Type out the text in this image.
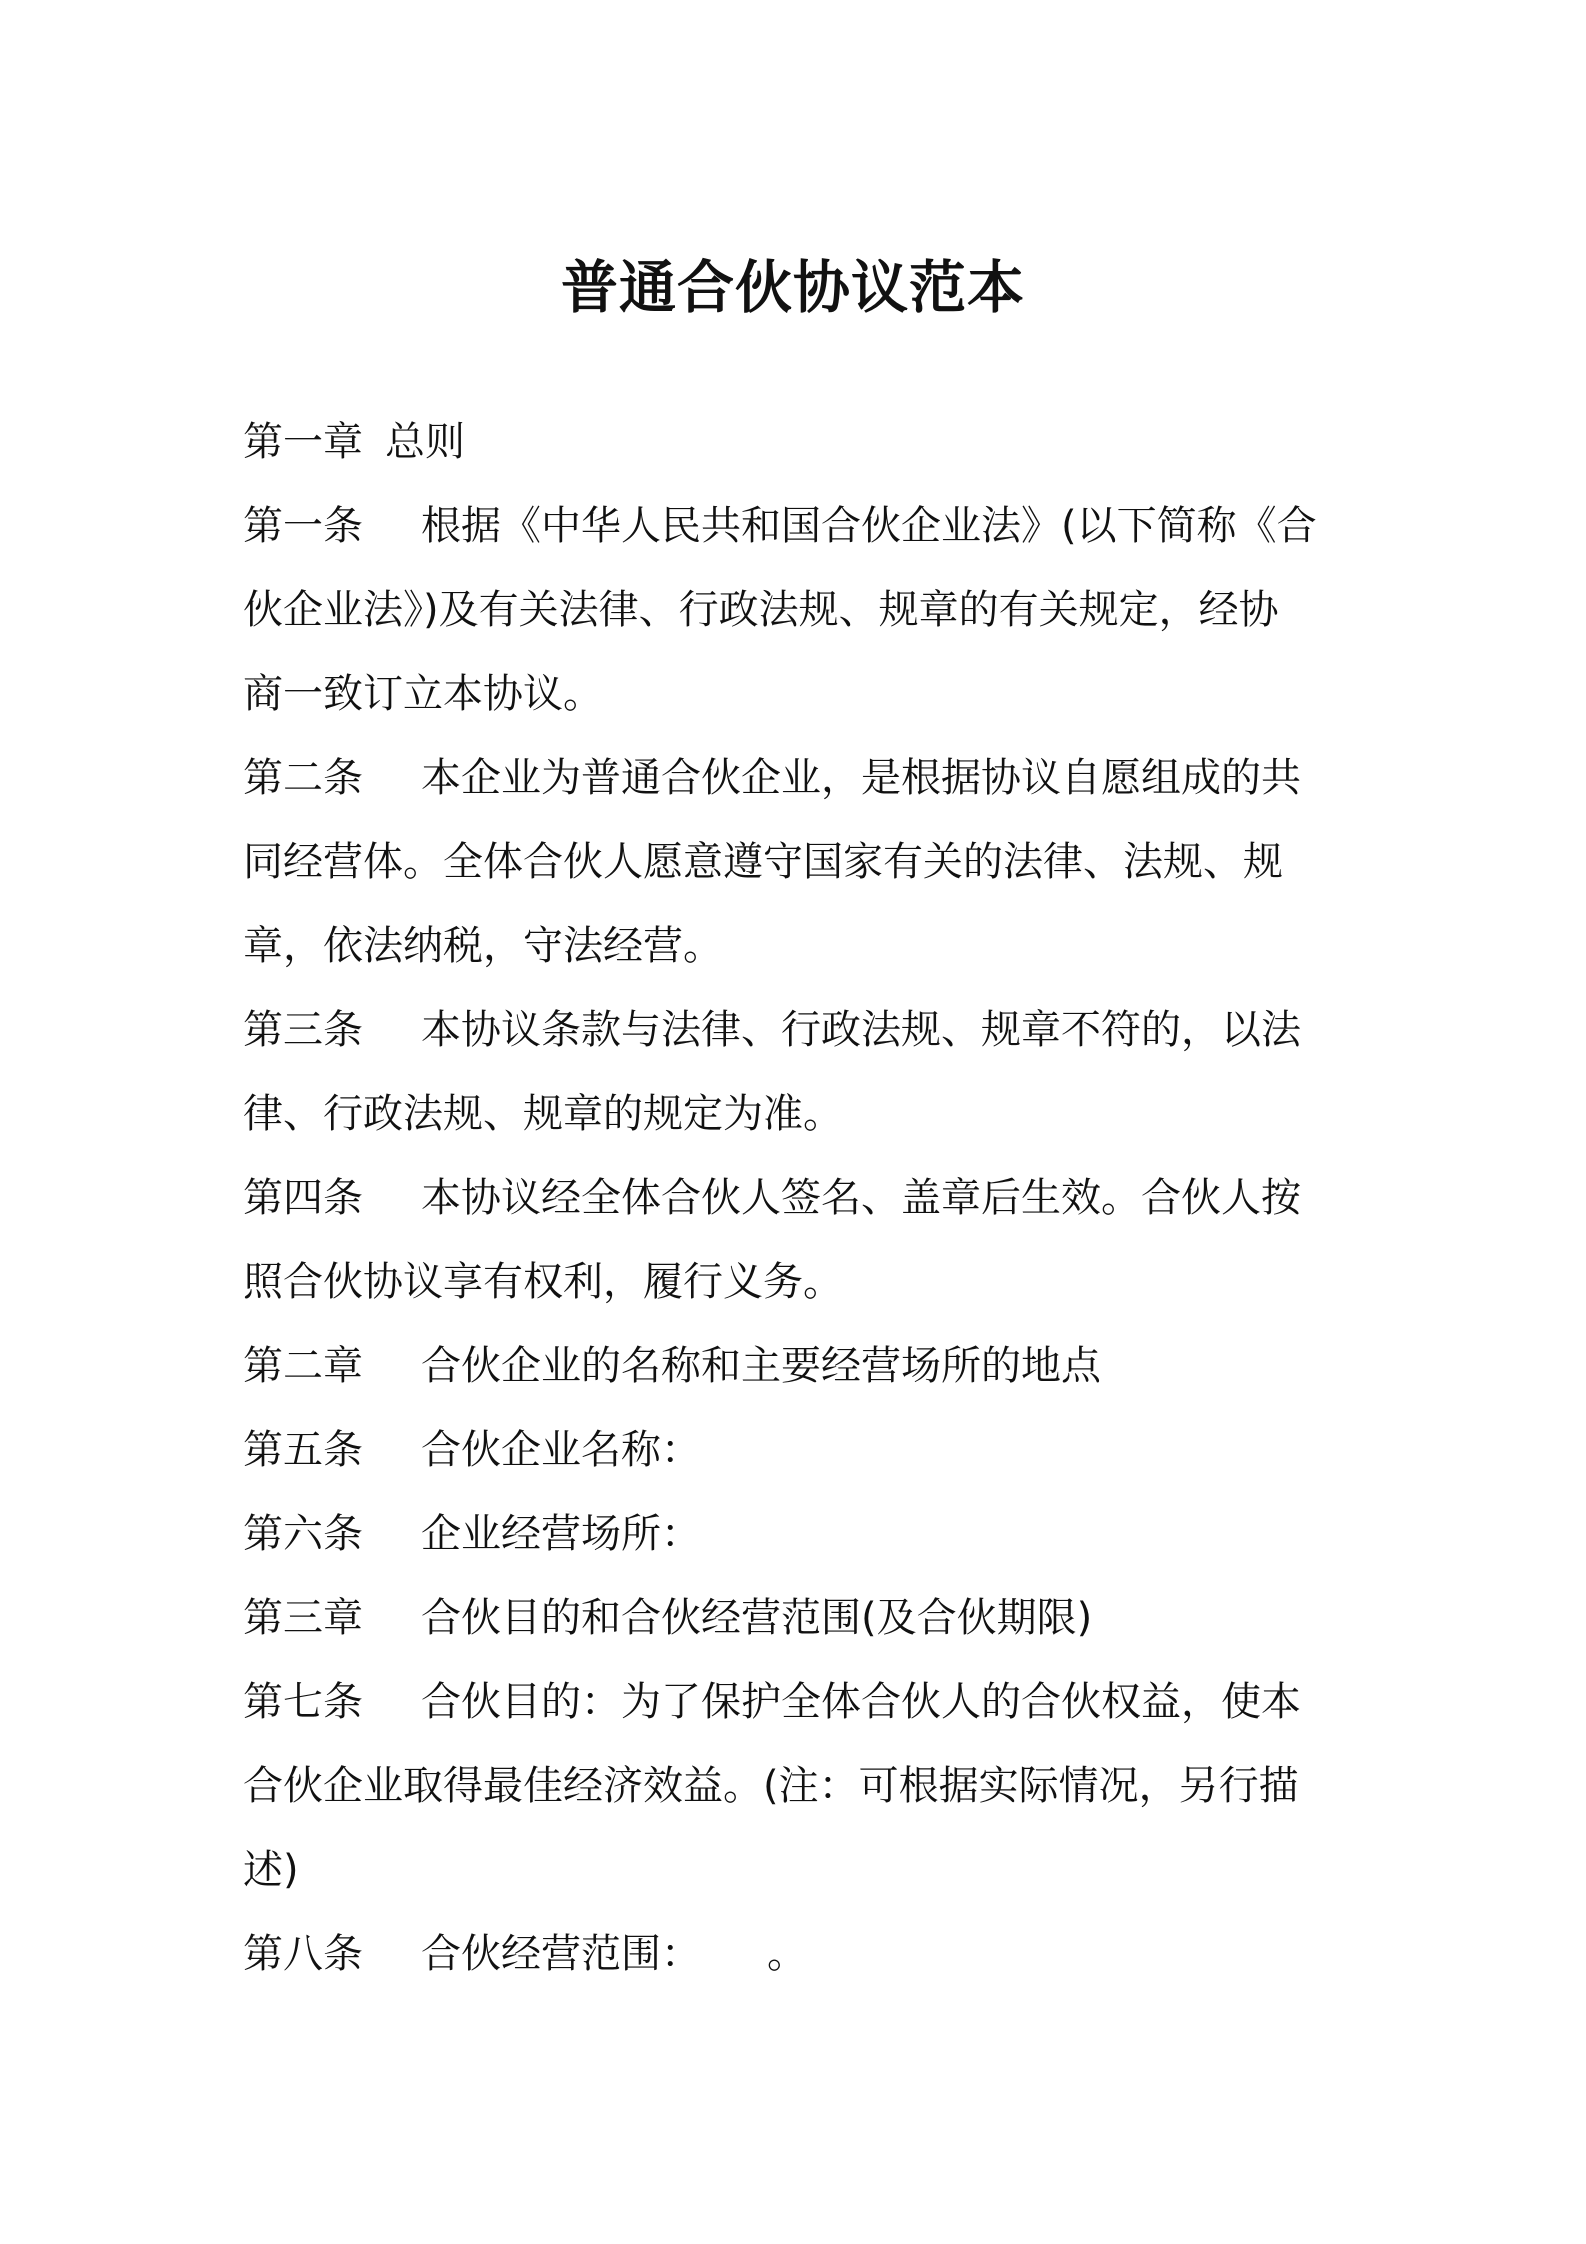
普通合伙协议范本
第一章 总则
第一条 根据《中华人民共和国合伙企业法》(以下简称《合
伙企业法》)及有关法律、行政法规、规章的有关规定，经协
商一致订立本协议。
第二条 本企业为普通合伙企业，是根据协议自愿组成的共
同经营体。全体合伙人愿意遵守国家有关的法律、法规、规
章，依法纳税，守法经营。
第三条 本协议条款与法律、行政法规、规章不符的，以法
律、行政法规、规章的规定为准。
第四条 本协议经全体合伙人签名、盖章后生效。合伙人按
照合伙协议享有权利，履行义务。
第二章 合伙企业的名称和主要经营场所的地点
第五条 合伙企业名称：
第六条 企业经营场所：
第三章 合伙目的和合伙经营范围(及合伙期限)
第七条 合伙目的：为了保护全体合伙人的合伙权益，使本
合伙企业取得最佳经济效益。(注：可根据实际情况，另行描
述)
第八条 合伙经营范围： 。
